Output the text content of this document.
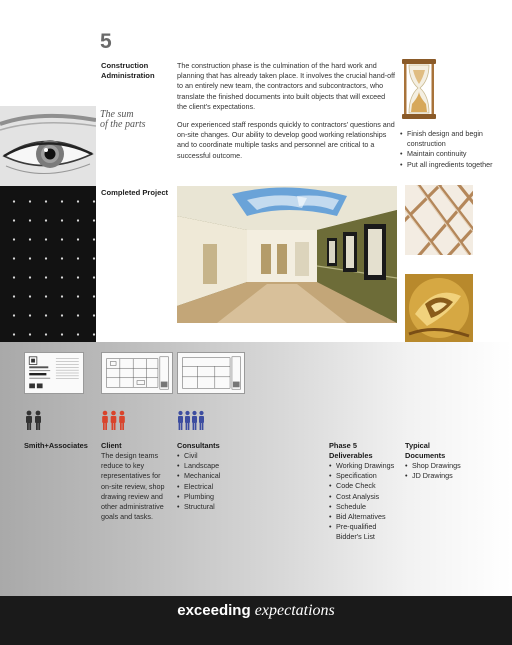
5
Construction Administration
The sum
of the parts

The construction phase is the culmination of the hard work and planning that has already taken place. It involves the crucial hand-off to an entirely new team, the contractors and subcontractors, who translate the finished documents into built objects that will exceed the client's expectations.

Our experienced staff responds quickly to contractors' questions and on-site changes. Our ability to develop good working relationships and to coordinate multiple tasks and personnel are critical to a successful outcome.

• Finish design and begin construction
• Maintain continuity
• Put all ingredients together
Completed Project
Smith+Associates Client

The design teams reduce to key representatives for on-site review, shop drawing review and other administrative goals and tasks.

Consultants
• Civil
• Landscape
• Mechanical
• Electrical
• Plumbing
• Structural
Phase 5
Deliverables
• Working Drawings
• Specification
• Code Check
• Cost Analysis
• Schedule
• Bid Alternatives
• Pre-qualified Bidder's List
Typical
Documents
• Shop Drawings
• JD Drawings
exceeding expectations
